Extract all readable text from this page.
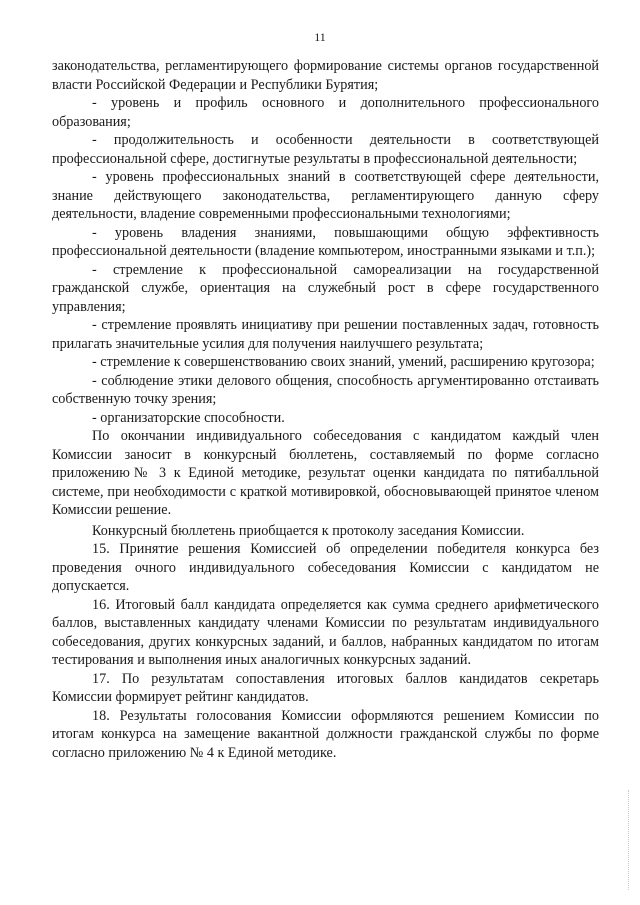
11

законодательства, регламентирующего формирование системы органов государственной власти Российской Федерации и Республики Бурятия;

- уровень и профиль основного и дополнительного профессионального образования;

- продолжительность и особенности деятельности в соответствующей профессиональной сфере, достигнутые результаты в профессиональной деятельности;

- уровень профессиональных знаний в соответствующей сфере деятельности, знание действующего законодательства, регламентирующего данную сферу деятельности, владение современными профессиональными технологиями;

- уровень владения знаниями, повышающими общую эффективность профессиональной деятельности (владение компьютером, иностранными языками и т.п.);

- стремление к профессиональной самореализации на государственной гражданской службе, ориентация на служебный рост в сфере государственного управления;

- стремление проявлять инициативу при решении поставленных задач, готовность прилагать значительные усилия для получения наилучшего результата;

- стремление к совершенствованию своих знаний, умений, расширению кругозора;

- соблюдение этики делового общения, способность аргументированно отстаивать собственную точку зрения;

- организаторские способности.

По окончании индивидуального собеседования с кандидатом каждый член Комиссии заносит в конкурсный бюллетень, составляемый по форме согласно приложению№ 3 к Единой методике, результат оценки кандидата по пятибалльной системе, при необходимости с краткой мотивировкой, обосновывающей принятое членом Комиссии решение.

Конкурсный бюллетень приобщается к протоколу заседания Комиссии.

15. Принятие решения Комиссией об определении победителя конкурса без проведения очного индивидуального собеседования Комиссии с кандидатом не допускается.

16. Итоговый балл кандидата определяется как сумма среднего арифметического баллов, выставленных кандидату членами Комиссии по результатам индивидуального собеседования, других конкурсных заданий, и баллов, набранных кандидатом по итогам тестирования и выполнения иных аналогичных конкурсных заданий.

17. По результатам сопоставления итоговых баллов кандидатов секретарь Комиссии формирует рейтинг кандидатов.

18. Результаты голосования Комиссии оформляются решением Комиссии по итогам конкурса на замещение вакантной должности гражданской службы по форме согласно приложению № 4 к Единой методике.
